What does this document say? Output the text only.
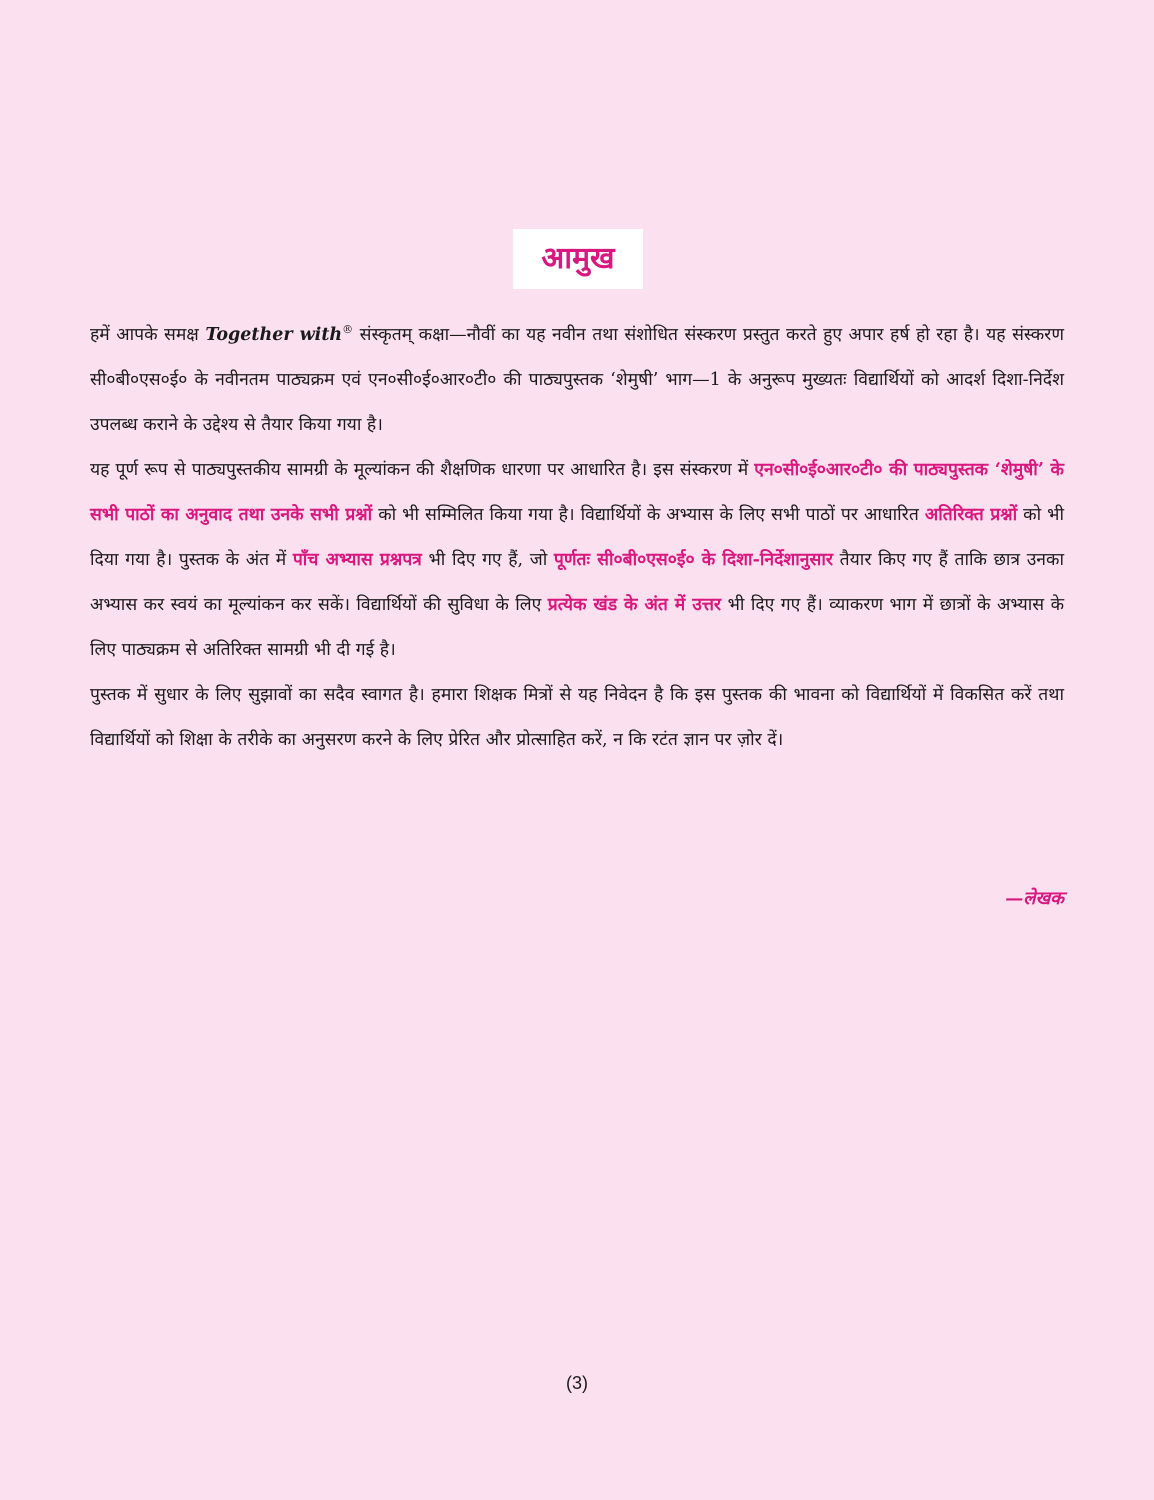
आमुख

हमें आपके समक्ष Together with® संस्कृतम् कक्षा—नौवीं का यह नवीन तथा संशोधित संस्करण प्रस्तुत करते हुए अपार हर्ष हो रहा है। यह संस्करण सी०बी०एस०ई० के नवीनतम पाठ्यक्रम एवं एन०सी०ई०आर०टी० की पाठ्यपुस्तक ‘शेमुषी’ भाग—1 के अनुरूप मुख्यतः विद्यार्थियों को आदर्श दिशा-निर्देश उपलब्ध कराने के उद्देश्य से तैयार किया गया है।

यह पूर्ण रूप से पाठ्यपुस्तकीय सामग्री के मूल्यांकन की शैक्षणिक धारणा पर आधारित है। इस संस्करण में एन०सी०ई०आर०टी० की पाठ्यपुस्तक ‘शेमुषी’ के सभी पाठों का अनुवाद तथा उनके सभी प्रश्नों को भी सम्मिलित किया गया है। विद्यार्थियों के अभ्यास के लिए सभी पाठों पर आधारित अतिरिक्त प्रश्नों को भी दिया गया है। पुस्तक के अंत में पाँच अभ्यास प्रश्नपत्र भी दिए गए हैं, जो पूर्णतः सी०बी०एस०ई० के दिशा-निर्देशानुसार तैयार किए गए हैं ताकि छात्र उनका अभ्यास कर स्वयं का मूल्यांकन कर सकें। विद्यार्थियों की सुविधा के लिए प्रत्येक खंड के अंत में उत्तर भी दिए गए हैं। व्याकरण भाग में छात्रों के अभ्यास के लिए पाठ्यक्रम से अतिरिक्त सामग्री भी दी गई है।

पुस्तक में सुधार के लिए सुझावों का सदैव स्वागत है। हमारा शिक्षक मित्रों से यह निवेदन है कि इस पुस्तक की भावना को विद्यार्थियों में विकसित करें तथा विद्यार्थियों को शिक्षा के तरीके का अनुसरण करने के लिए प्रेरित और प्रोत्साहित करें, न कि रटंत ज्ञान पर ज़ोर दें।

—लेखक
(3)
